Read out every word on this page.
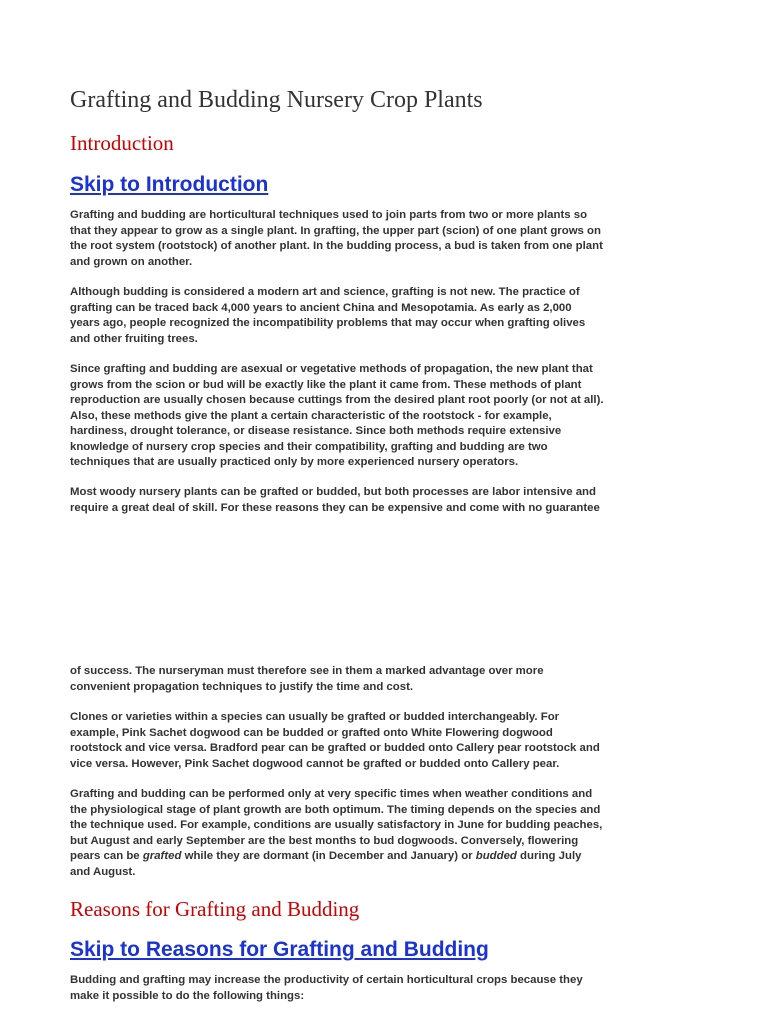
Grafting and Budding Nursery Crop Plants
Introduction
Skip to Introduction
Grafting and budding are horticultural techniques used to join parts from two or more plants so
that they appear to grow as a single plant. In grafting, the upper part (scion) of one plant grows on
the root system (rootstock) of another plant. In the budding process, a bud is taken from one plant
and grown on another.
Although budding is considered a modern art and science, grafting is not new. The practice of
grafting can be traced back 4,000 years to ancient China and Mesopotamia. As early as 2,000
years ago, people recognized the incompatibility problems that may occur when grafting olives
and other fruiting trees.
Since grafting and budding are asexual or vegetative methods of propagation, the new plant that
grows from the scion or bud will be exactly like the plant it came from. These methods of plant
reproduction are usually chosen because cuttings from the desired plant root poorly (or not at all).
Also, these methods give the plant a certain characteristic of the rootstock - for example,
hardiness, drought tolerance, or disease resistance. Since both methods require extensive
knowledge of nursery crop species and their compatibility, grafting and budding are two
techniques that are usually practiced only by more experienced nursery operators.
Most woody nursery plants can be grafted or budded, but both processes are labor intensive and
require a great deal of skill. For these reasons they can be expensive and come with no guarantee
of success. The nurseryman must therefore see in them a marked advantage over more
convenient propagation techniques to justify the time and cost.
Clones or varieties within a species can usually be grafted or budded interchangeably. For
example, Pink Sachet dogwood can be budded or grafted onto White Flowering dogwood
rootstock and vice versa. Bradford pear can be grafted or budded onto Callery pear rootstock and
vice versa. However, Pink Sachet dogwood cannot be grafted or budded onto Callery pear.
Grafting and budding can be performed only at very specific times when weather conditions and
the physiological stage of plant growth are both optimum. The timing depends on the species and
the technique used. For example, conditions are usually satisfactory in June for budding peaches,
but August and early September are the best months to bud dogwoods. Conversely, flowering
pears can be grafted while they are dormant (in December and January) or budded during July
and August.
Reasons for Grafting and Budding
Skip to Reasons for Grafting and Budding
Budding and grafting may increase the productivity of certain horticultural crops because they
make it possible to do the following things:
